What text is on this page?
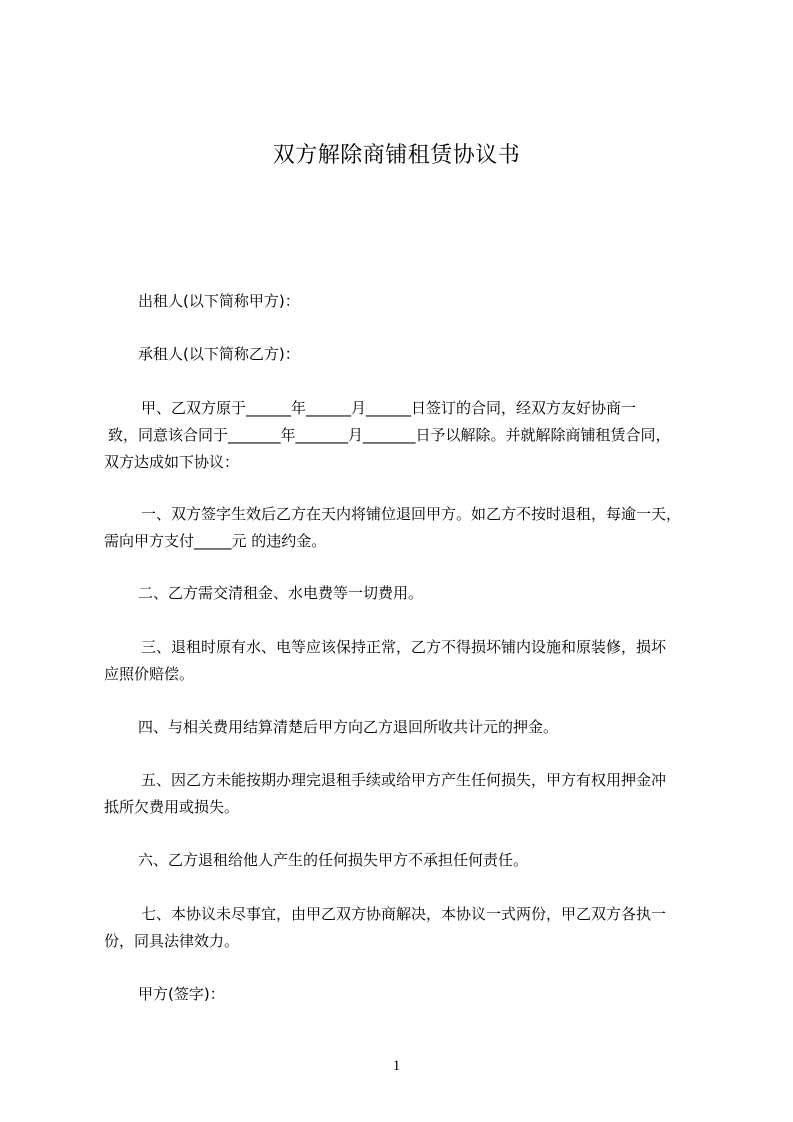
双方解除商铺租赁协议书
出租人(以下简称甲方)：
承租人(以下简称乙方)：
甲、乙双方原于______年______月______日签订的合同，经双方友好协商一
致，同意该合同于_______年_______月_______日予以解除。并就解除商铺租赁合同，
双方达成如下协议：
一、双方签字生效后乙方在天内将铺位退回甲方。如乙方不按时退租，每逾一天，
需向甲方支付_____元 的违约金。
二、乙方需交清租金、水电费等一切费用。
三、退租时原有水、电等应该保持正常，乙方不得损坏铺内设施和原装修，损坏
应照价赔偿。
四、与相关费用结算清楚后甲方向乙方退回所收共计元的押金。
五、因乙方未能按期办理完退租手续或给甲方产生任何损失，甲方有权用押金冲
抵所欠费用或损失。
六、乙方退租给他人产生的任何损失甲方不承担任何责任。
七、本协议未尽事宜，由甲乙双方协商解决，本协议一式两份，甲乙双方各执一
份，同具法律效力。
甲方(签字)：
1
